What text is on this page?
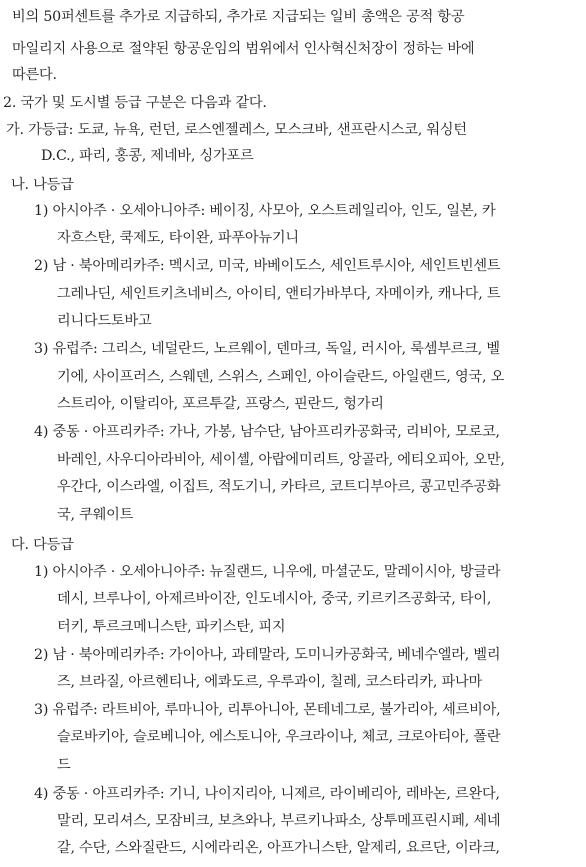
비의 50퍼센트를 추가로 지급하되, 추가로 지급되는 일비 총액은 공적 항공
마일리지 사용으로 절약된 항공운임의 범위에서 인사혁신처장이 정하는 바에
따른다.
2. 국가 및 도시별 등급 구분은 다음과 같다.
가. 가등급: 도쿄, 뉴욕, 런던, 로스엔젤레스, 모스크바, 샌프란시스코, 워싱턴
D.C., 파리, 홍콩, 제네바, 싱가포르
나. 나등급
1) 아시아주 · 오세아니아주: 베이징, 사모아, 오스트레일리아, 인도, 일본, 카
자흐스탄, 쿡제도, 타이완, 파푸아뉴기니
2) 남 · 북아메리카주: 멕시코, 미국, 바베이도스, 세인트루시아, 세인트빈센트
그레나딘, 세인트키츠네비스, 아이티, 앤티가바부다, 자메이카, 캐나다, 트
리니다드토바고
3) 유럽주: 그리스, 네덜란드, 노르웨이, 덴마크, 독일, 러시아, 룩셈부르크, 벨
기에, 사이프러스, 스웨덴, 스위스, 스페인, 아이슬란드, 아일랜드, 영국, 오
스트리아, 이탈리아, 포르투갈, 프랑스, 핀란드, 헝가리
4) 중동 · 아프리카주: 가나, 가봉, 남수단, 남아프리카공화국, 리비아, 모로코,
바레인, 사우디아라비아, 세이셸, 아랍에미리트, 앙골라, 에티오피아, 오만,
우간다, 이스라엘, 이집트, 적도기니, 카타르, 코트디부아르, 콩고민주공화
국, 쿠웨이트
다. 다등급
1) 아시아주 · 오세아니아주: 뉴질랜드, 니우에, 마셜군도, 말레이시아, 방글라
데시, 브루나이, 아제르바이잔, 인도네시아, 중국, 키르키즈공화국, 타이,
터키, 투르크메니스탄, 파키스탄, 피지
2) 남 · 북아메리카주: 가이아나, 과테말라, 도미니카공화국, 베네수엘라, 벨리
즈, 브라질, 아르헨티나, 에콰도르, 우루과이, 칠레, 코스타리카, 파나마
3) 유럽주: 라트비아, 루마니아, 리투아니아, 몬테네그로, 불가리아, 세르비아,
슬로바키아, 슬로베니아, 에스토니아, 우크라이나, 체코, 크로아티아, 폴란
드
4) 중동 · 아프리카주: 기니, 나이지리아, 니제르, 라이베리아, 레바논, 르완다,
말리, 모리셔스, 모잠비크, 보츠와나, 부르키나파소, 상투메프린시페, 세네
갈, 수단, 스와질란드, 시에라리온, 아프가니스탄, 알제리, 요르단, 이라크,
